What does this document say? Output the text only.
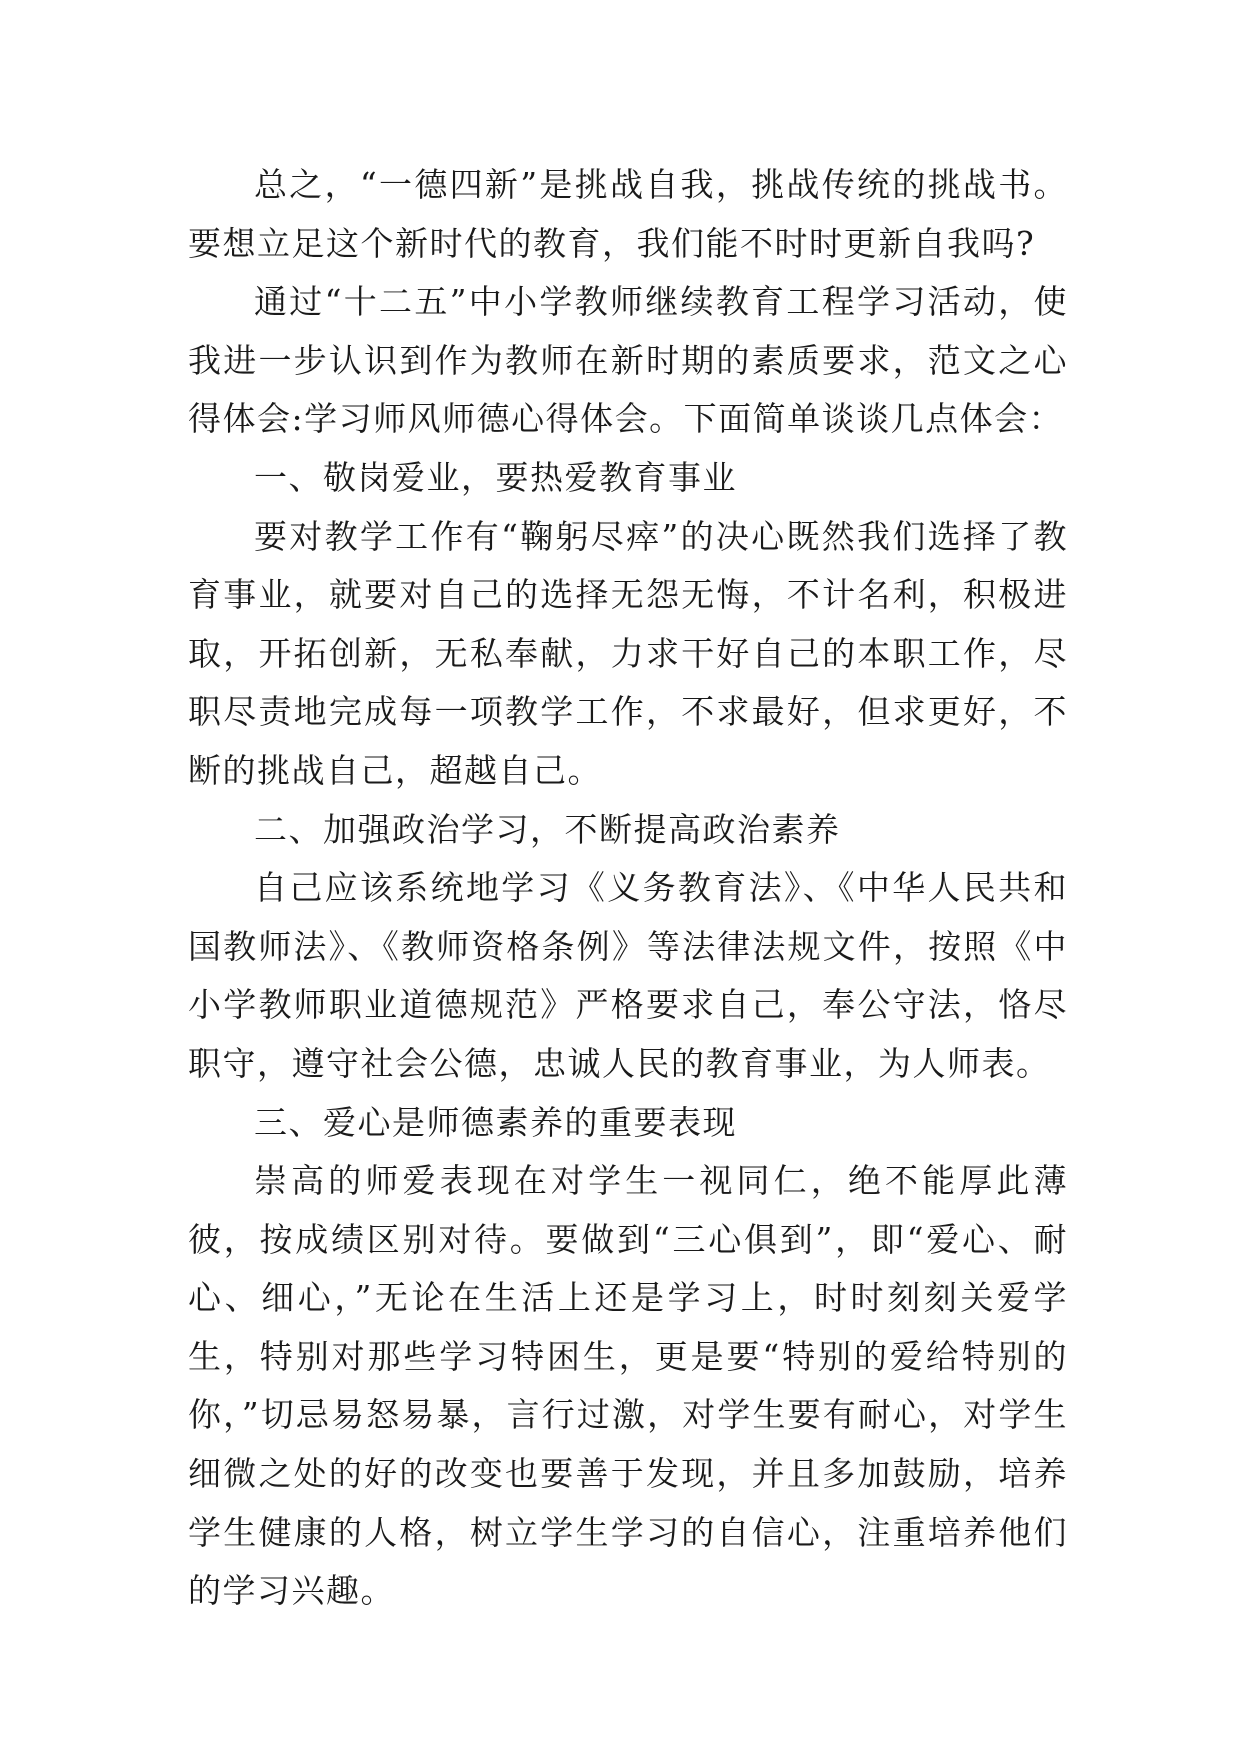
总之，“一德四新”是挑战自我，挑战传统的挑战书。要想立足这个新时代的教育，我们能不时时更新自我吗?

通过“十二五”中小学教师继续教育工程学习活动，使我进一步认识到作为教师在新时期的素质要求，范文之心得体会:学习师风师德心得体会。下面简单谈谈几点体会：

一、敬岗爱业，要热爱教育事业

要对教学工作有“鞠躬尽瘁”的决心既然我们选择了教育事业，就要对自己的选择无怨无悔，不计名利，积极进取，开拓创新，无私奉献，力求干好自己的本职工作，尽职尽责地完成每一项教学工作，不求最好，但求更好，不断的挑战自己，超越自己。

二、加强政治学习，不断提高政治素养

自己应该系统地学习《义务教育法》、《中华人民共和国教师法》、《教师资格条例》等法律法规文件，按照《中小学教师职业道德规范》严格要求自己，奉公守法，恪尽职守，遵守社会公德，忠诚人民的教育事业，为人师表。

三、爱心是师德素养的重要表现

崇高的师爱表现在对学生一视同仁，绝不能厚此薄彼，按成绩区别对待。要做到“三心俱到”，即“爱心、耐心、细心，”无论在生活上还是学习上，时时刻刻关爱学生，特别对那些学习特困生，更是要“特别的爱给特别的你，”切忌易怒易暴，言行过激，对学生要有耐心，对学生细微之处的好的改变也要善于发现，并且多加鼓励，培养学生健康的人格，树立学生学习的自信心，注重培养他们的学习兴趣。
